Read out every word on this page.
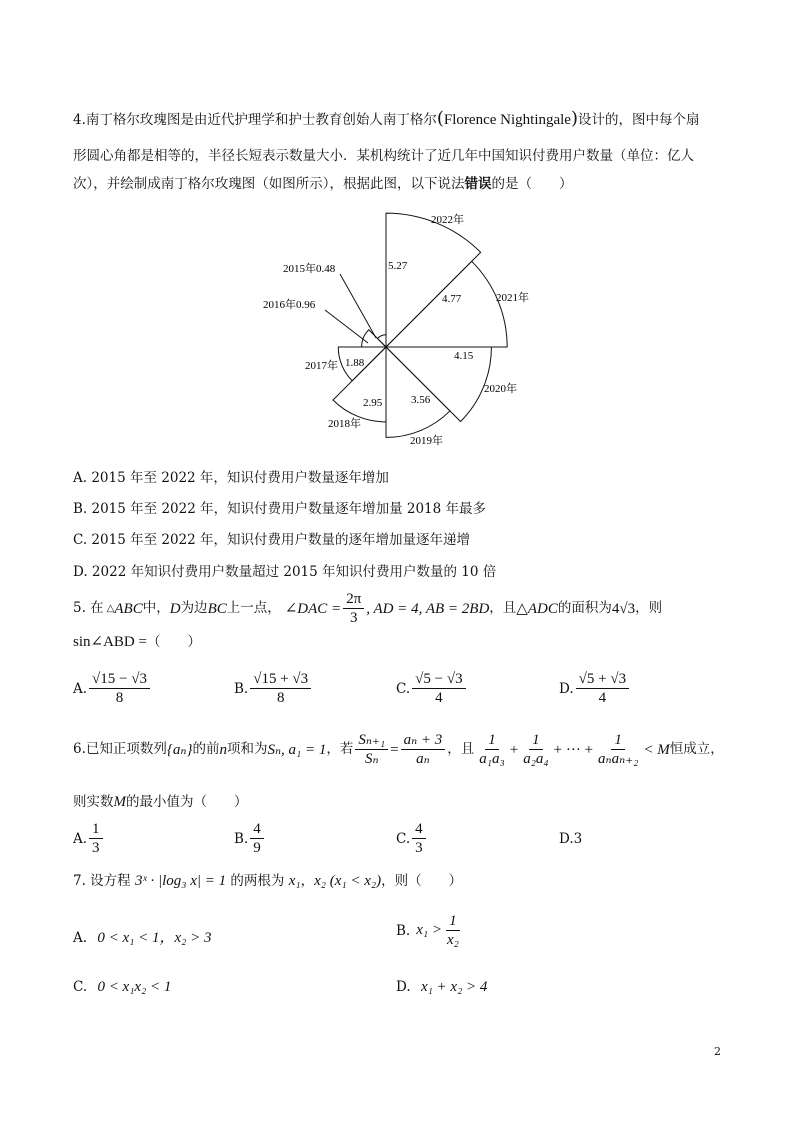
4.南丁格尔玫瑰图是由近代护理学和护士教育创始人南丁格尔(Florence Nightingale)设计的，图中每个扇
形圆心角都是相等的，半径长短表示数量大小．某机构统计了近几年中国知识付费用户数量（单位：亿人
次），并绘制成南丁格尔玫瑰图（如图所示），根据此图，以下说法错误的是（　　）
2015年0.48
2016年0.96
1.88
2.95	3.56
4.15
4.77
5.27
2017年
2018年
2019年
2020年
2021年
2022年
A. 2015 年至 2022 年，知识付费用户数量逐年增加
B. 2015 年至 2022 年，知识付费用户数量逐年增加量 2018 年最多
C. 2015 年至 2022 年，知识付费用户数量的逐年增加量逐年递增
D. 2022 年知识付费用户数量超过 2015 年知识付费用户数量的 10 倍
5. 在 △ ABC 中， D 为边 BC 上一点， ∠DAC = $\frac{2\pi}{3}$ , AD = 4, AB = 2BD ，且 △ADC 的面积为 4√3 ，则
sin∠ABD =（　　）
A. $\frac{√15 - √3}{8}$	B. $\frac{√15 + √3}{8}$	C. $\frac{√5 - √3}{4}$	D. $\frac{√5 + √3}{4}$
6.已知正项数列 {aₙ} 的前 n 项和为 Sₙ, a₁ = 1 ，若 $\frac{\text{Sₙ₊₁}}{\text{Sₙ}} = \frac{\text{aₙ + 3}}{\text{aₙ}}$ ，且 $\frac{1}{\text{a₁a₃}} + \frac{1}{\text{a₂a₄}}$ + ··· + $\frac{1}{\text{aₙaₙ₊₂}} < M$ 恒成立，
则实数M的最小值为（　　）
A. $\frac{1}{3}$	B. $\frac{4}{9}$	C. $\frac{4}{3}$	D.3
7. 设方程 3ˣ · |log₃ x| = 1 的两根为 x₁，x₂ (x₁ < x₂)，则（　　）
A. 0 < x₁ < 1，x₂ > 3	B. $x_1 > \frac{1}{\text{x₂}}$
C. 0 < x₁x₂ < 1	D. x₁ + x₂ > 4
2
